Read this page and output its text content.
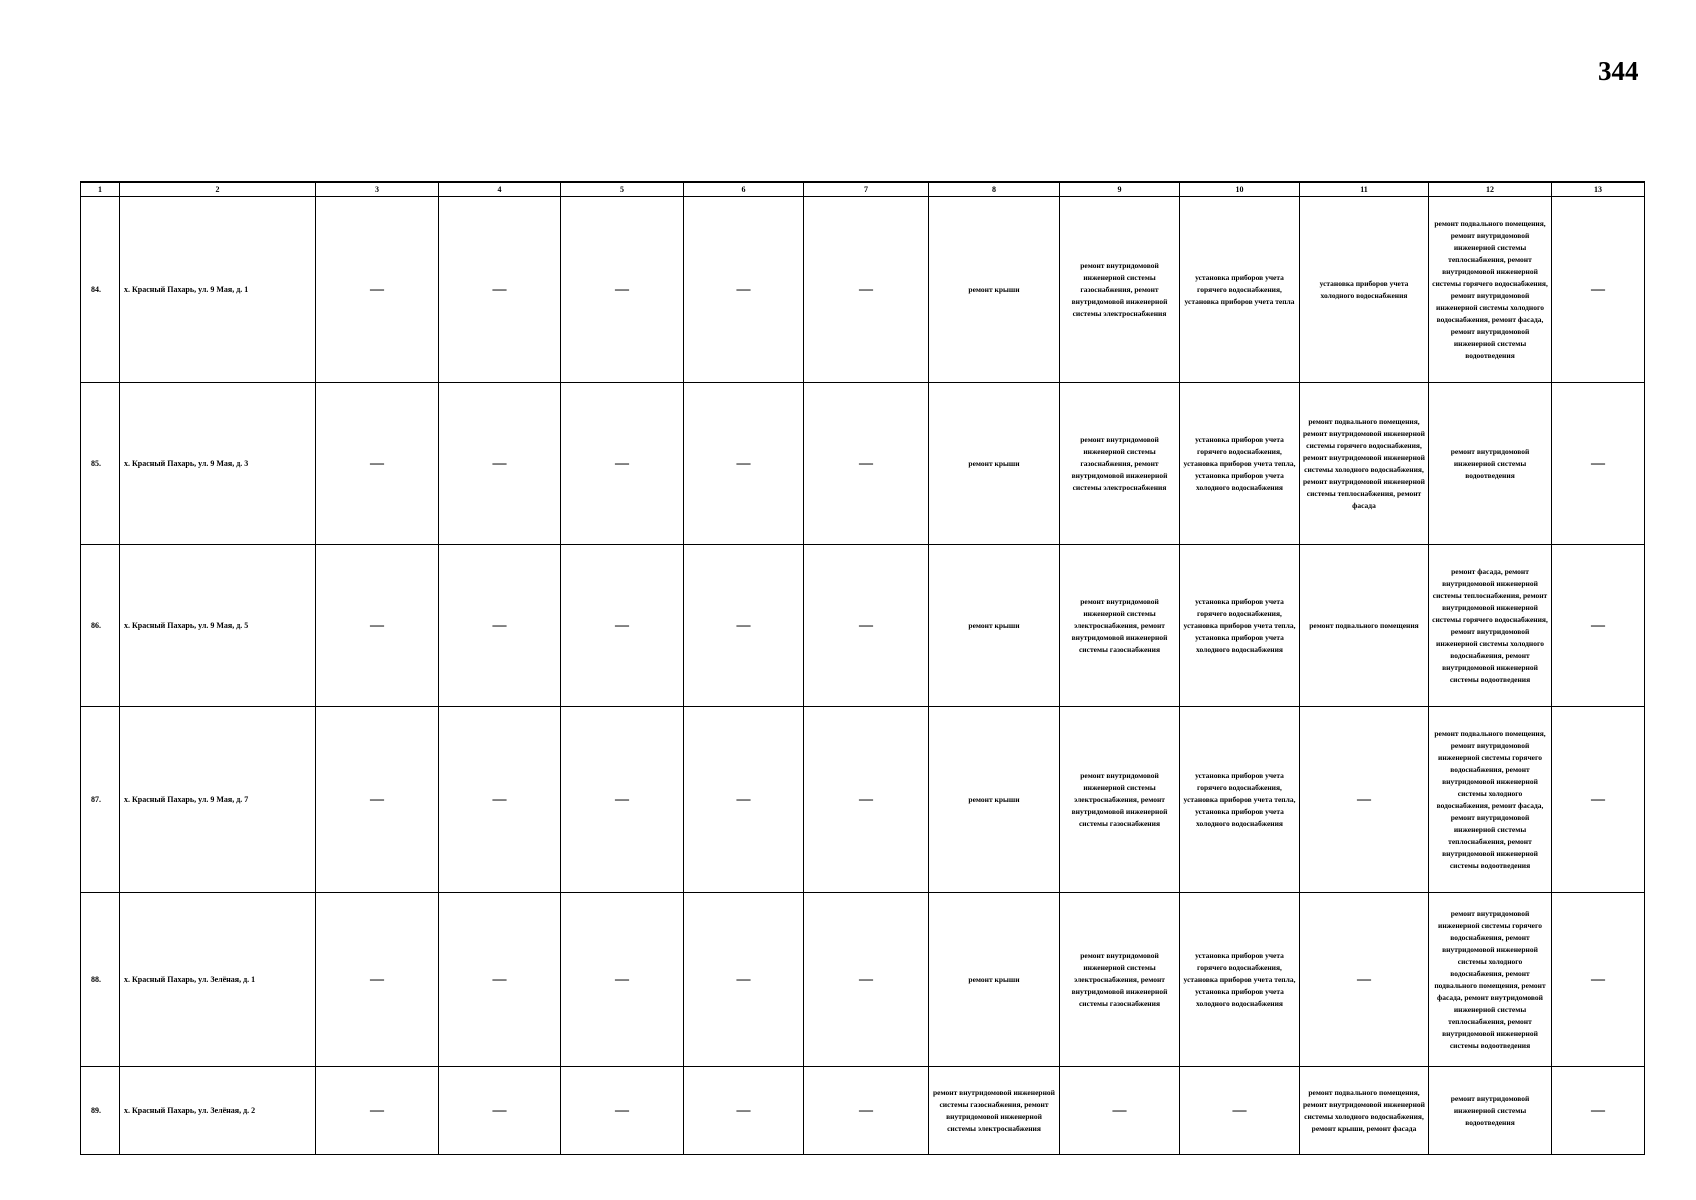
344
1	2	3	4	5	6	7	8	9	10	11	12	13
84.	х. Красный Пахарь, ул. 9 Мая, д. 1	—	—	—	—	—	ремонт крыши	ремонт внутридомовой инженерной системы газоснабжения, ремонт внутридомовой инженерной системы электроснабжения	установка приборов учета горячего водоснабжения, установка приборов учета тепла	установка приборов учета холодного водоснабжения	ремонт подвального помещения, ремонт внутридомовой инженерной системы теплоснабжения, ремонт внутридомовой инженерной системы горячего водоснабжения, ремонт внутридомовой инженерной системы холодного водоснабжения, ремонт фасада, ремонт внутридомовой инженерной системы водоотведения	—
85.	х. Красный Пахарь, ул. 9 Мая, д. 3	—	—	—	—	—	ремонт крыши	ремонт внутридомовой инженерной системы газоснабжения, ремонт внутридомовой инженерной системы электроснабжения	установка приборов учета горячего водоснабжения, установка приборов учета тепла, установка приборов учета холодного водоснабжения	ремонт подвального помещения, ремонт внутридомовой инженерной системы горячего водоснабжения, ремонт внутридомовой инженерной системы холодного водоснабжения, ремонт внутридомовой инженерной системы теплоснабжения, ремонт фасада	ремонт внутридомовой инженерной системы водоотведения	—
86.	х. Красный Пахарь, ул. 9 Мая, д. 5	—	—	—	—	—	ремонт крыши	ремонт внутридомовой инженерной системы электроснабжения, ремонт внутридомовой инженерной системы газоснабжения	установка приборов учета горячего водоснабжения, установка приборов учета тепла, установка приборов учета холодного водоснабжения	ремонт подвального помещения	ремонт фасада, ремонт внутридомовой инженерной системы теплоснабжения, ремонт внутридомовой инженерной системы горячего водоснабжения, ремонт внутридомовой инженерной системы холодного водоснабжения, ремонт внутридомовой инженерной системы водоотведения	—
87.	х. Красный Пахарь, ул. 9 Мая, д. 7	—	—	—	—	—	ремонт крыши	ремонт внутридомовой инженерной системы электроснабжения, ремонт внутридомовой инженерной системы газоснабжения	установка приборов учета горячего водоснабжения, установка приборов учета тепла, установка приборов учета холодного водоснабжения	—	ремонт подвального помещения, ремонт внутридомовой инженерной системы горячего водоснабжения, ремонт внутридомовой инженерной системы холодного водоснабжения, ремонт фасада, ремонт внутридомовой инженерной системы теплоснабжения, ремонт внутридомовой инженерной системы водоотведения	—
88.	х. Красный Пахарь, ул. Зелёная, д. 1	—	—	—	—	—	ремонт крыши	ремонт внутридомовой инженерной системы электроснабжения, ремонт внутридомовой инженерной системы газоснабжения	установка приборов учета горячего водоснабжения, установка приборов учета тепла, установка приборов учета холодного водоснабжения	—	ремонт внутридомовой инженерной системы горячего водоснабжения, ремонт внутридомовой инженерной системы холодного водоснабжения, ремонт подвального помещения, ремонт фасада, ремонт внутридомовой инженерной системы теплоснабжения, ремонт внутридомовой инженерной системы водоотведения	—
89.	х. Красный Пахарь, ул. Зелёная, д. 2	—	—	—	—	—	ремонт внутридомовой инженерной системы газоснабжения, ремонт внутридомовой инженерной системы электроснабжения	—	—	ремонт подвального помещения, ремонт внутридомовой инженерной системы холодного водоснабжения, ремонт крыши, ремонт фасада	ремонт внутридомовой инженерной системы водоотведения	—
